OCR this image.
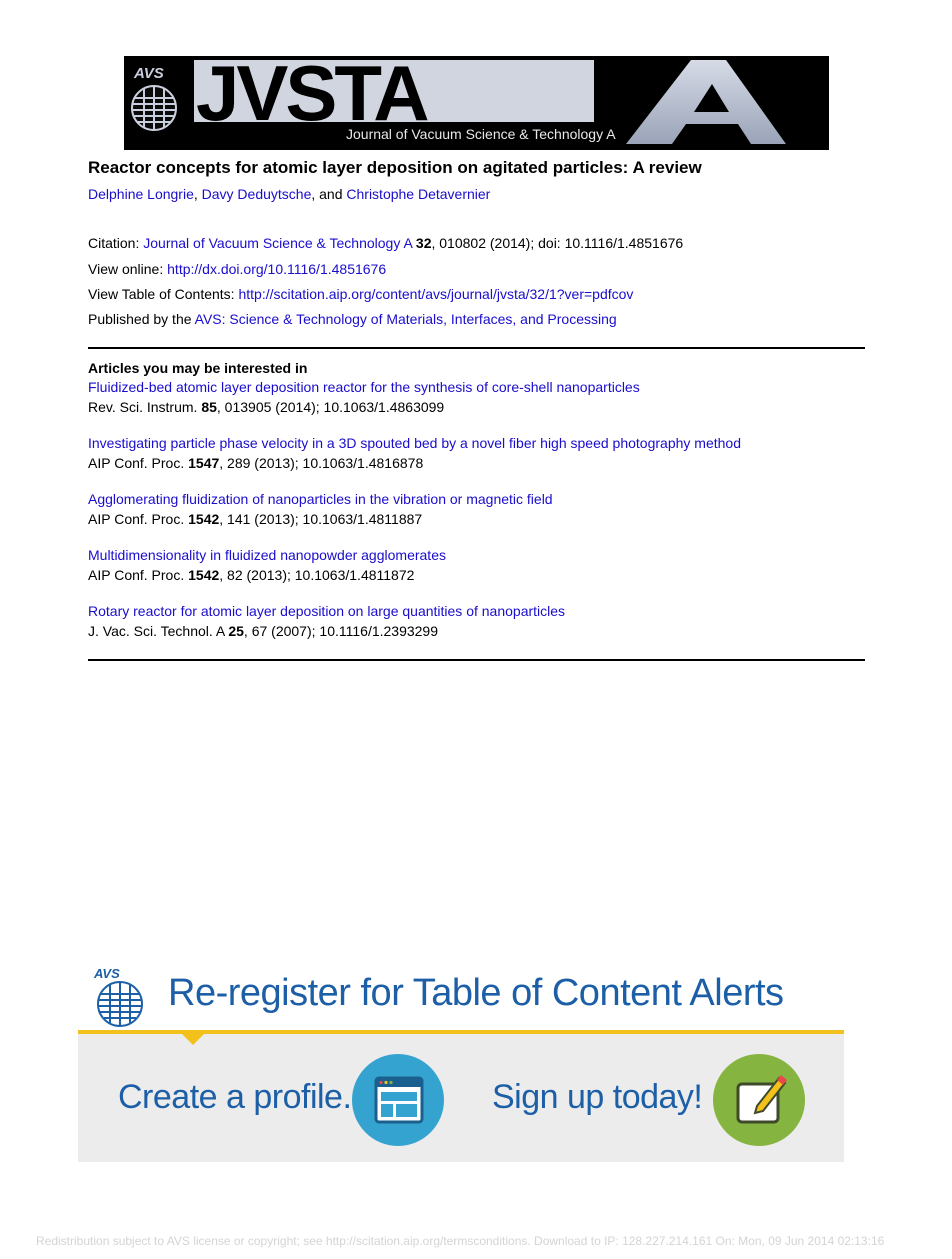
AVS JVSTA
Journal of Vacuum Science & Technology A
Reactor concepts for atomic layer deposition on agitated particles: A review
Delphine Longrie, Davy Deduytsche, and Christophe Detavernier
Citation: Journal of Vacuum Science & Technology A 32, 010802 (2014); doi: 10.1116/1.4851676
View online: http://dx.doi.org/10.1116/1.4851676
View Table of Contents: http://scitation.aip.org/content/avs/journal/jvsta/32/1?ver=pdfcov
Published by the AVS: Science & Technology of Materials, Interfaces, and Processing
Articles you may be interested in
Fluidized-bed atomic layer deposition reactor for the synthesis of core-shell nanoparticles
Rev. Sci. Instrum. 85, 013905 (2014); 10.1063/1.4863099
Investigating particle phase velocity in a 3D spouted bed by a novel fiber high speed photography method
AIP Conf. Proc. 1547, 289 (2013); 10.1063/1.4816878
Agglomerating fluidization of nanoparticles in the vibration or magnetic field
AIP Conf. Proc. 1542, 141 (2013); 10.1063/1.4811887
Multidimensionality in fluidized nanopowder agglomerates
AIP Conf. Proc. 1542, 82 (2013); 10.1063/1.4811872
Rotary reactor for atomic layer deposition on large quantities of nanoparticles
J. Vac. Sci. Technol. A 25, 67 (2007); 10.1116/1.2393299
AVS Re-register for Table of Content Alerts
Create a profile.	Sign up today!
Redistribution subject to AVS license or copyright; see http://scitation.aip.org/termsconditions. Download to IP: 128.227.214.161 On: Mon, 09 Jun 2014 02:13:16
